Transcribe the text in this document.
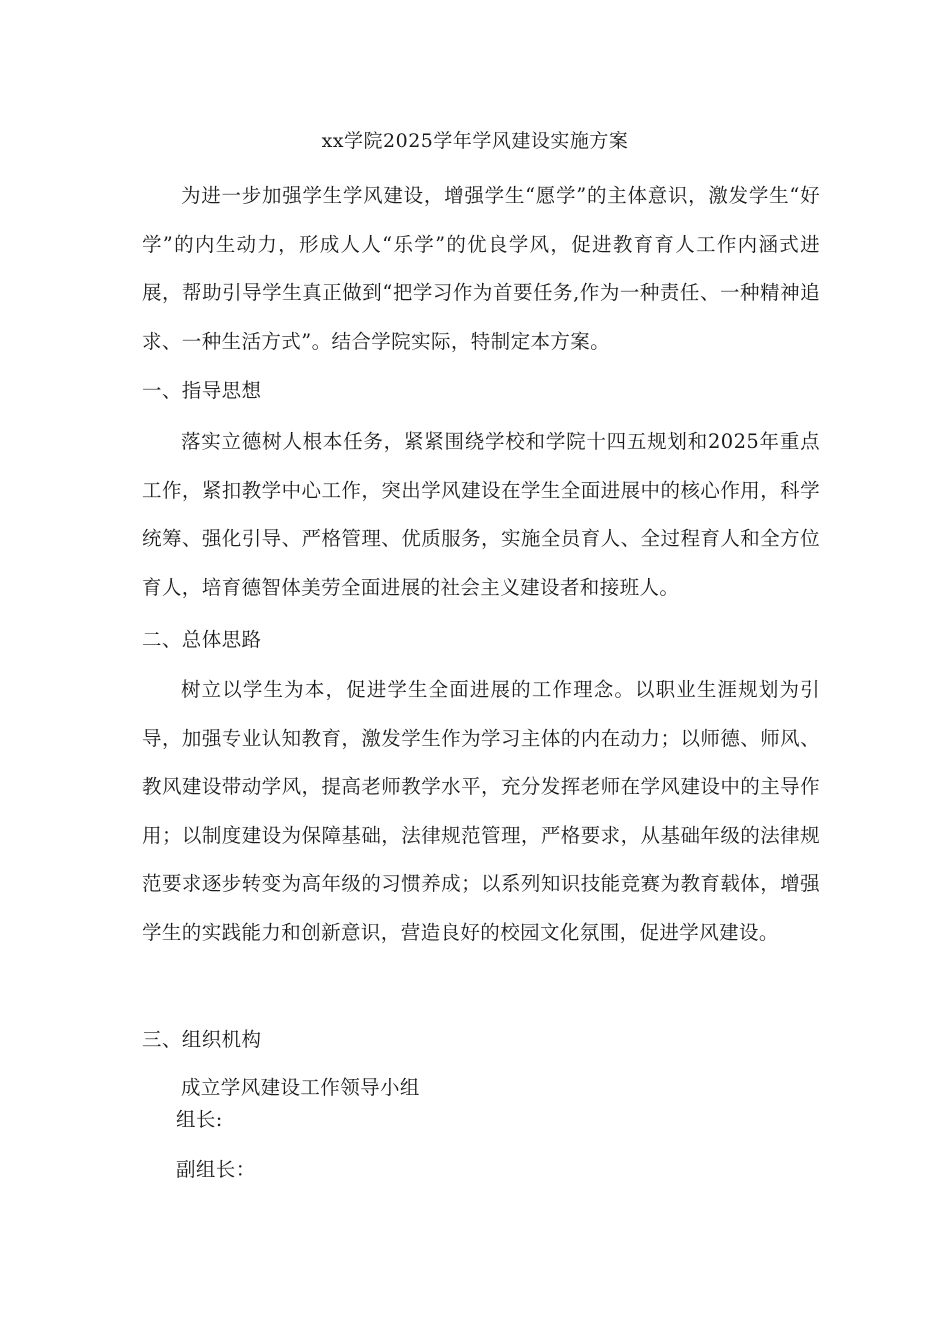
xx学院2025学年学风建设实施方案
为进一步加强学生学风建设，增强学生“愿学”的主体意识，激发学生“好学”的内生动力，形成人人“乐学”的优良学风，促进教育育人工作内涵式进展，帮助引导学生真正做到“把学习作为首要任务,作为一种责任、一种精神追求、一种生活方式”。结合学院实际，特制定本方案。
一、指导思想
落实立德树人根本任务，紧紧围绕学校和学院十四五规划和2025年重点工作，紧扣教学中心工作，突出学风建设在学生全面进展中的核心作用，科学统筹、强化引导、严格管理、优质服务，实施全员育人、全过程育人和全方位育人，培育德智体美劳全面进展的社会主义建设者和接班人。
二、总体思路
树立以学生为本，促进学生全面进展的工作理念。以职业生涯规划为引导，加强专业认知教育，激发学生作为学习主体的内在动力；以师德、师风、教风建设带动学风，提高老师教学水平，充分发挥老师在学风建设中的主导作用；以制度建设为保障基础，法律规范管理，严格要求，从基础年级的法律规范要求逐步转变为高年级的习惯养成；以系列知识技能竞赛为教育载体，增强学生的实践能力和创新意识，营造良好的校园文化氛围，促进学风建设。
三、组织机构
成立学风建设工作领导小组
组长:
副组长：
